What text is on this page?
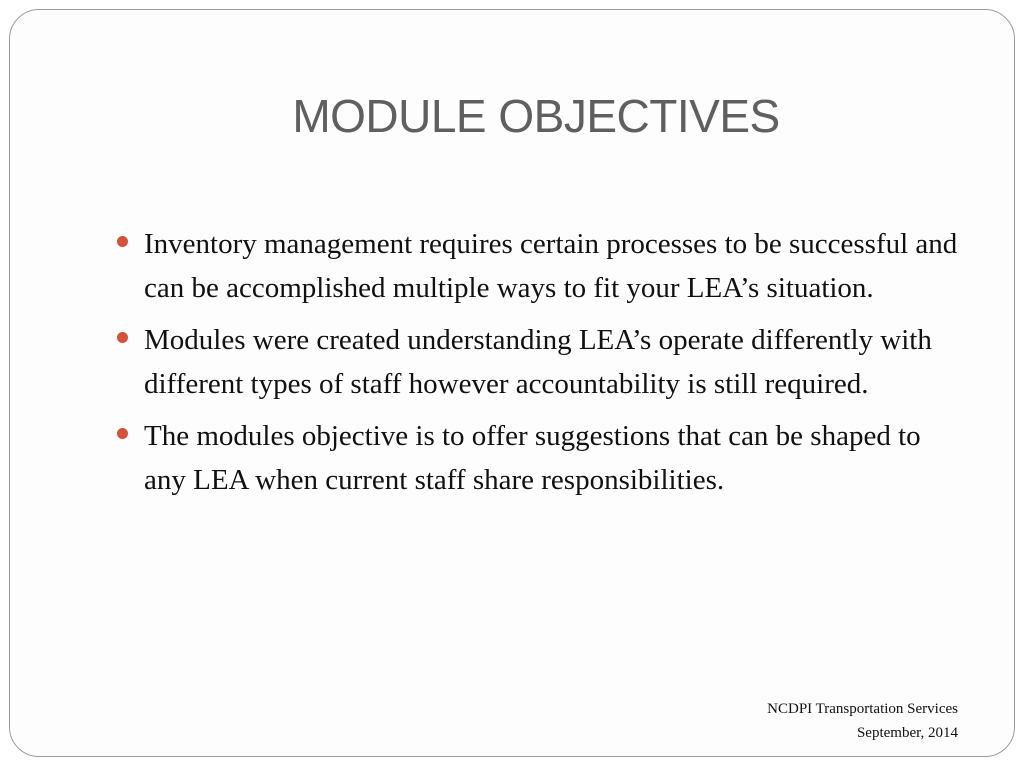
MODULE OBJECTIVES
Inventory management requires certain processes to be successful and can be accomplished multiple ways to fit your LEA’s situation.
Modules were created understanding LEA’s operate differently with different types of staff however accountability is still required.
The modules objective is to offer suggestions that can be shaped to any LEA when current staff share responsibilities.
NCDPI Transportation Services
September, 2014
